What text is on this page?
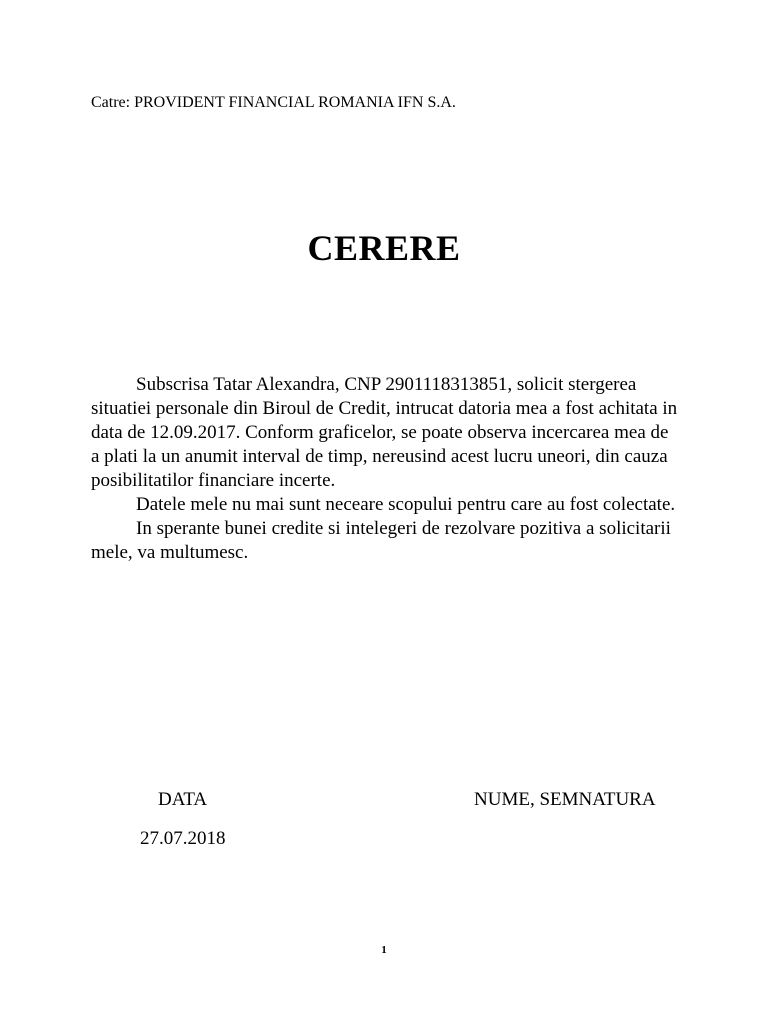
Catre: PROVIDENT FINANCIAL ROMANIA IFN S.A.
CERERE

Subscrisa Tatar Alexandra, CNP 2901118313851, solicit stergerea situatiei personale din Biroul de Credit, intrucat datoria mea a fost achitata in data de 12.09.2017. Conform graficelor, se poate observa incercarea mea de a plati la un anumit interval de timp, nereusind acest lucru uneori, din cauza posibilitatilor financiare incerte.

Datele mele nu mai sunt neceare scopului pentru care au fost colectate.

In sperante bunei credite si intelegeri de rezolvare pozitiva a solicitarii mele, va multumesc.

DATA	NUME, SEMNATURA
27.07.2018
1
